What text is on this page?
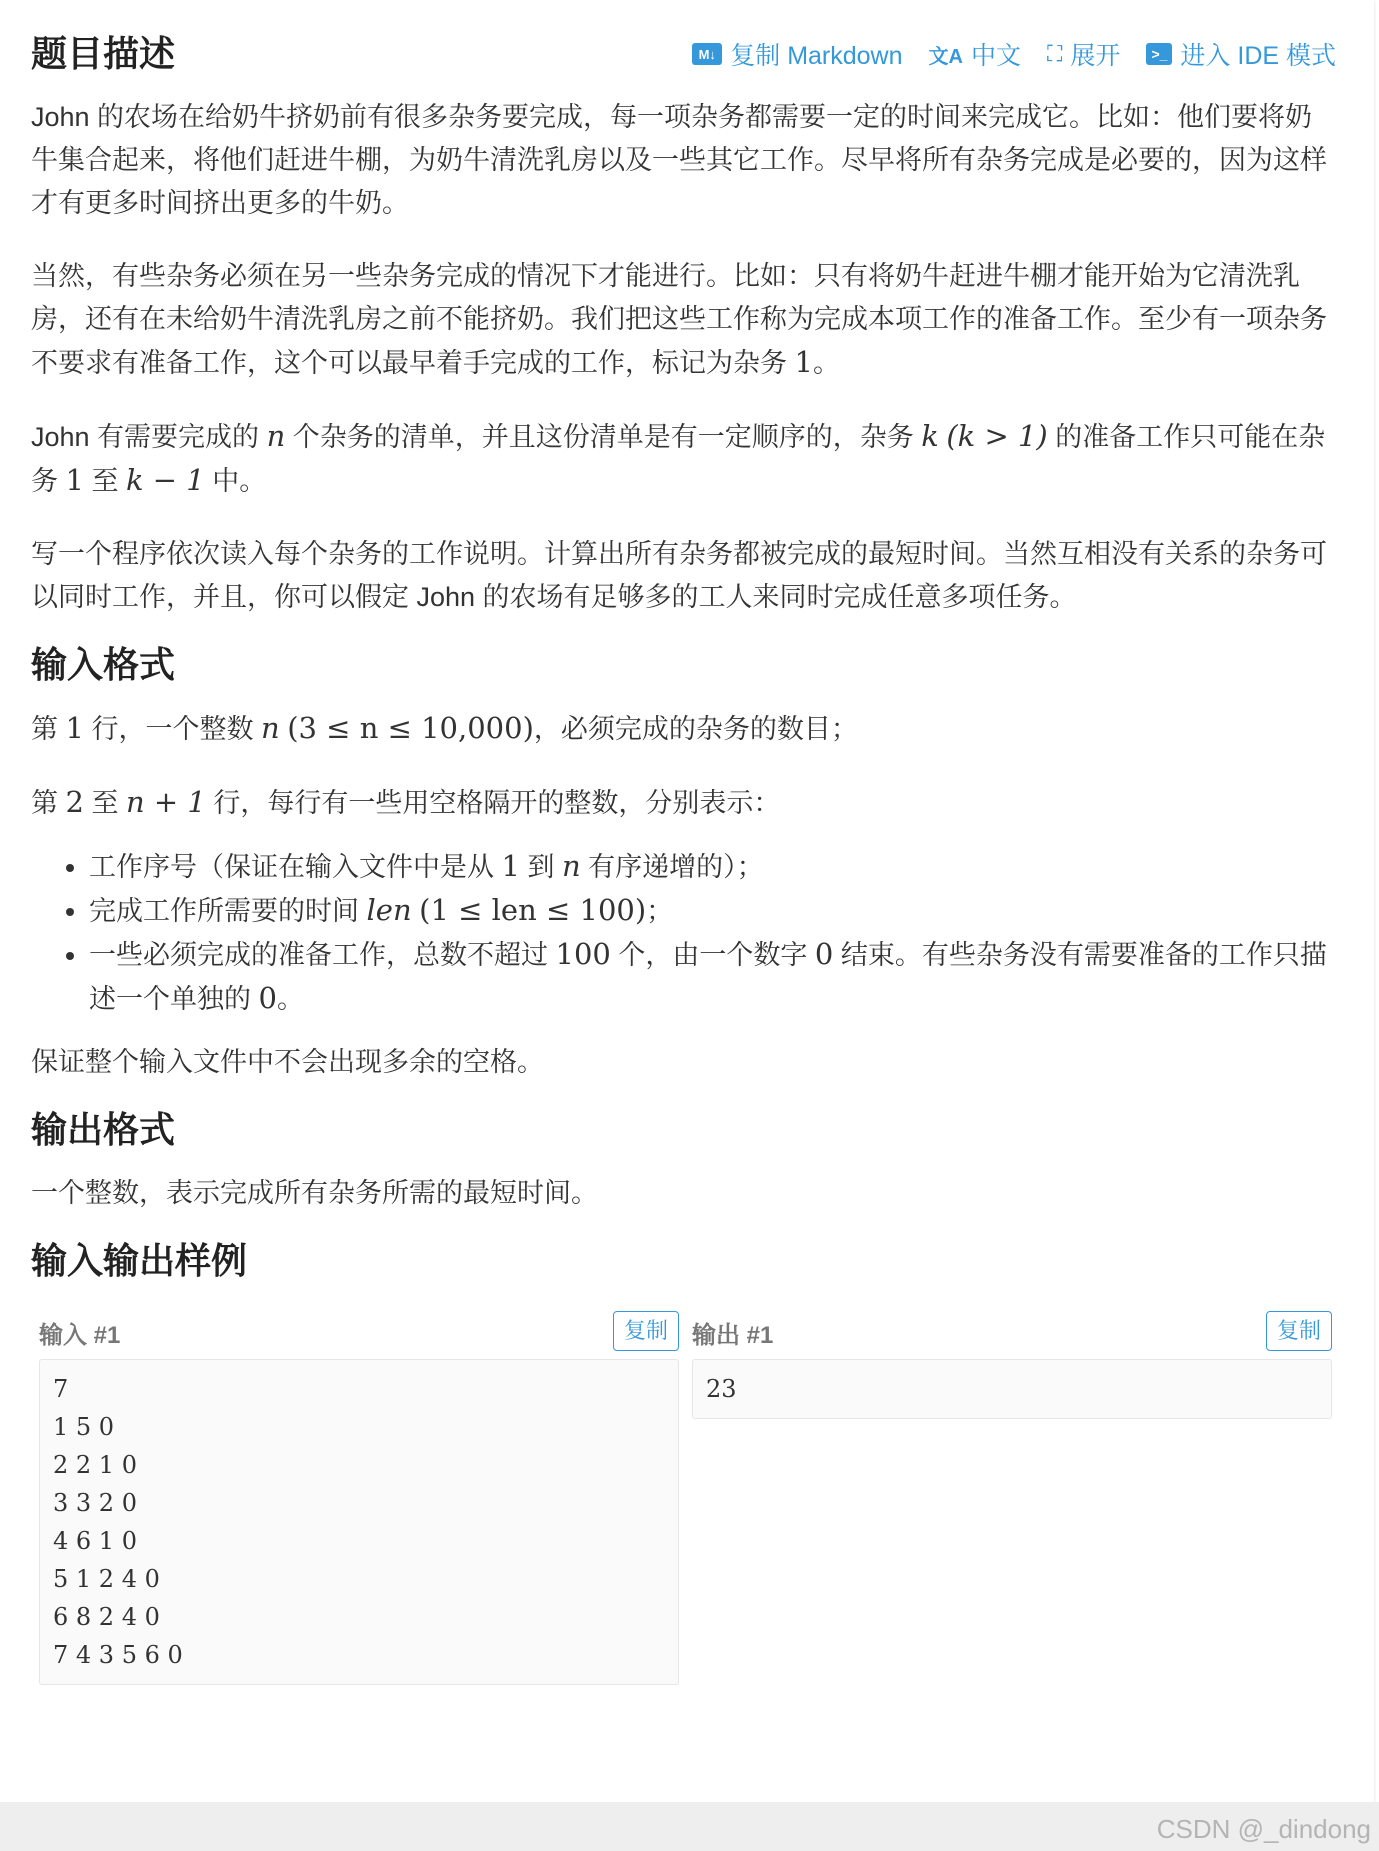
题目描述	M↓ 复制 Markdown 文A 中文 ⛶ 展开	>_ 进入 IDE 模式

John 的农场在给奶牛挤奶前有很多杂务要完成，每一项杂务都需要一定的时间来完成它。比如：他们要将奶牛集合起来，将他们赶进牛棚，为奶牛清洗乳房以及一些其它工作。尽早将所有杂务完成是必要的，因为这样才有更多时间挤出更多的牛奶。

当然，有些杂务必须在另一些杂务完成的情况下才能进行。比如：只有将奶牛赶进牛棚才能开始为它清洗乳房，还有在未给奶牛清洗乳房之前不能挤奶。我们把这些工作称为完成本项工作的准备工作。至少有一项杂务不要求有准备工作，这个可以最早着手完成的工作，标记为杂务 1。

John 有需要完成的 n 个杂务的清单，并且这份清单是有一定顺序的，杂务 k (k > 1) 的准备工作只可能在杂务 1 至 k − 1 中。

写一个程序依次读入每个杂务的工作说明。计算出所有杂务都被完成的最短时间。当然互相没有关系的杂务可以同时工作，并且，你可以假定 John 的农场有足够多的工人来同时完成任意多项任务。

输入格式

第 1 行，一个整数 n (3 ≤ n ≤ 10,000)，必须完成的杂务的数目；

第 2 至 n + 1 行，每行有一些用空格隔开的整数，分别表示：

• 工作序号（保证在输入文件中是从 1 到 n 有序递增的）；
• 完成工作所需要的时间 len (1 ≤ len ≤ 100)；
• 一些必须完成的准备工作，总数不超过 100 个，由一个数字 0 结束。有些杂务没有需要准备的工作只描述一个单独的 0。

保证整个输入文件中不会出现多余的空格。

输出格式

一个整数，表示完成所有杂务所需的最短时间。

输入输出样例
输入 #1	复制
7
1 5 0
2 2 1 0
3 3 2 0
4 6 1 0
5 1 2 4 0
6 8 2 4 0
7 4 3 5 6 0
输出 #1	复制
23
CSDN @_dindong
